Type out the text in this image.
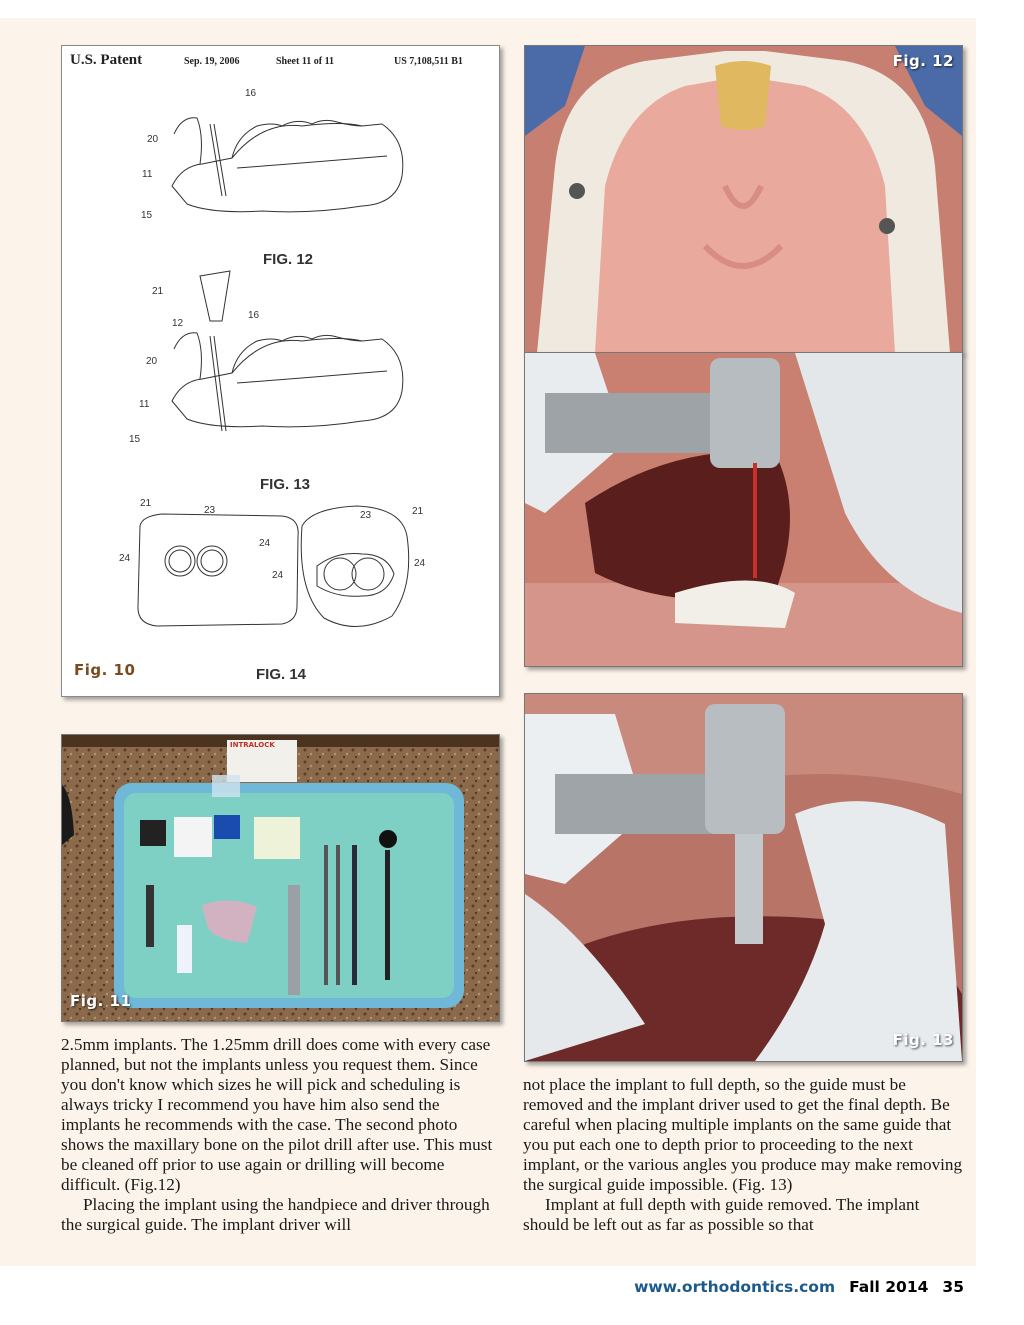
U.S. Patent	Sep. 19, 2006	Sheet 11 of 11	US 7,108,511 B1
16
20
11
15
21
12
16
20
11
15
21
23
24
24
23	21
24
24
FIG. 12
FIG. 13
FIG. 14
Fig. 10
INTRALOCK
Fig. 11
Fig. 12
Fig. 13

2.5mm implants. The 1.25mm drill does come with every case planned, but not the implants unless you request them. Since you don't know which sizes he will pick and scheduling is always tricky I recommend you have him also send the implants he recommends with the case. The second photo shows the maxillary bone on the pilot drill after use. This must be cleaned off prior to use again or drilling will become difficult. (Fig.12)

Placing the implant using the handpiece and driver through the surgical guide. The implant driver will

not place the implant to full depth, so the guide must be removed and the implant driver used to get the final depth. Be careful when placing multiple implants on the same guide that you put each one to depth prior to proceeding to the next implant, or the various angles you produce may make removing the surgical guide impossible. (Fig. 13)

Implant at full depth with guide removed. The implant should be left out as far as possible so that

www.orthodontics.com Fall 2014 35
